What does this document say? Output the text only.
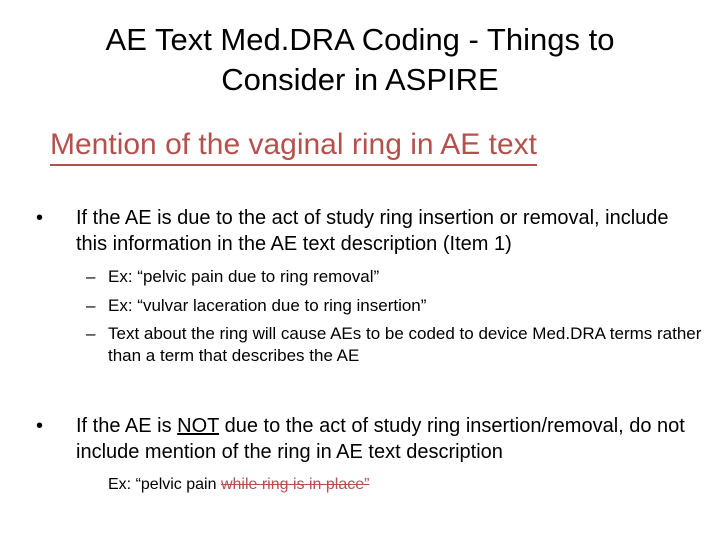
AE Text Med.DRA Coding - Things to Consider in ASPIRE
Mention of the vaginal ring in AE text
• If the AE is due to the act of study ring insertion or removal, include this information in the AE text description (Item 1)
– Ex: “pelvic pain due to ring removal”
– Ex: “vulvar laceration due to ring insertion”
– Text about the ring will cause AEs to be coded to device Med.DRA terms rather than a term that describes the AE
• If the AE is NOT due to the act of study ring insertion/removal, do not include mention of the ring in AE text description
Ex: “pelvic pain while ring is in place”
